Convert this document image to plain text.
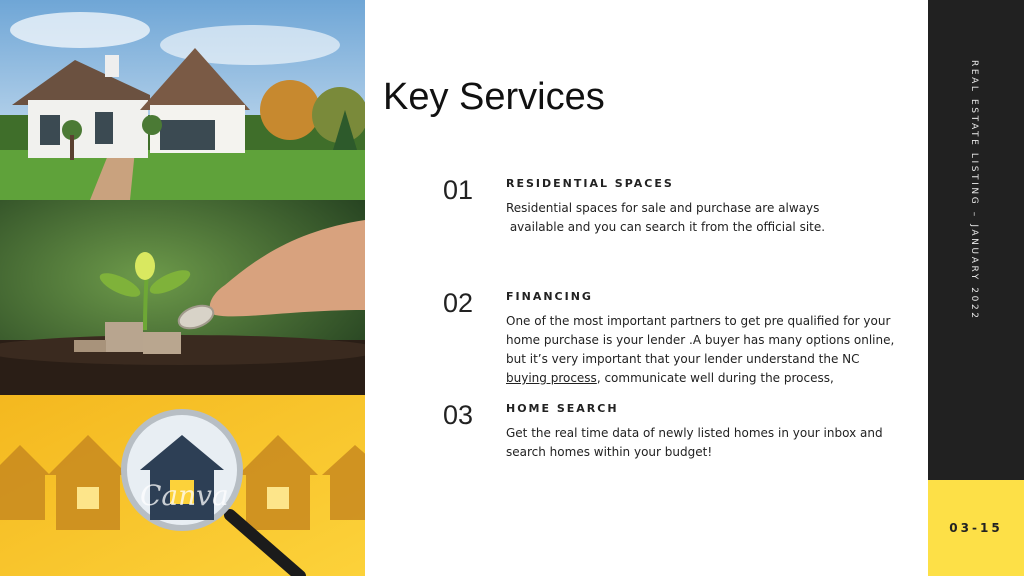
Canva
Key Services
01	RESIDENTIAL SPACES
Residential spaces for sale and purchase are always
available and you can search it from the official site.
02	FINANCING
One of the most important partners to get pre qualified for your home purchase is your lender .A buyer has many options online, but it’s very important that your lender understand the NC buying process, communicate well during the process,
03	HOME SEARCH
Get the real time data of newly listed homes in your inbox and search homes within your budget!
REAL ESTATE LISTING – JANUARY 2022
03-15
